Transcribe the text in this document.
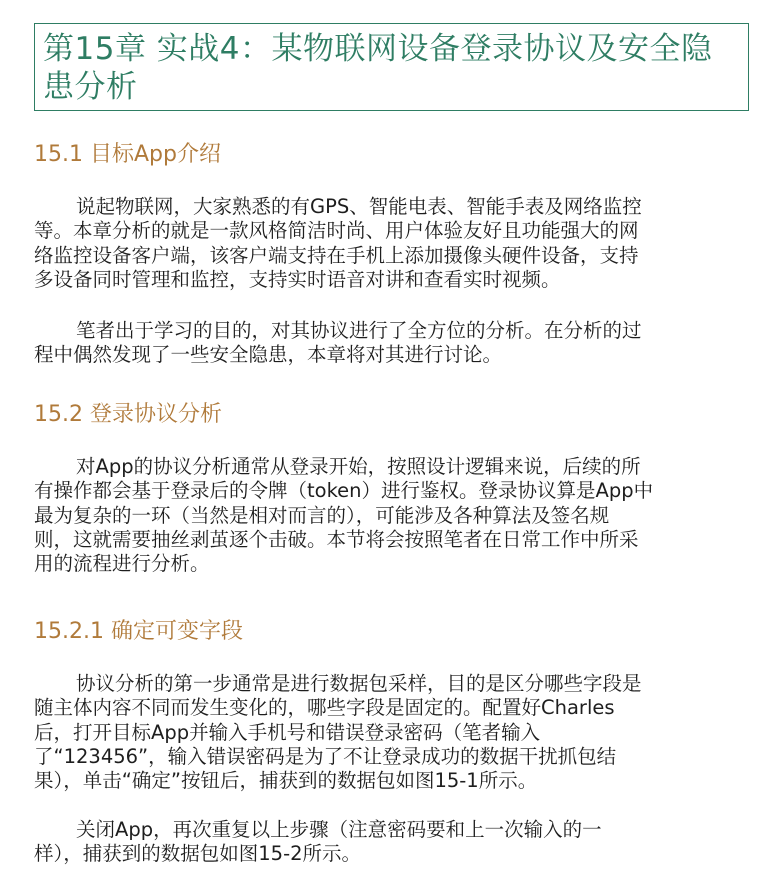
第15章 实战4：某物联网设备登录协议及安全隐
患分析
15.1 目标App介绍
说起物联网，大家熟悉的有GPS、智能电表、智能手表及网络监控
等。本章分析的就是一款风格简洁时尚、用户体验友好且功能强大的网
络监控设备客户端，该客户端支持在手机上添加摄像头硬件设备，支持
多设备同时管理和监控，支持实时语音对讲和查看实时视频。
笔者出于学习的目的，对其协议进行了全方位的分析。在分析的过
程中偶然发现了一些安全隐患，本章将对其进行讨论。
15.2 登录协议分析
对App的协议分析通常从登录开始，按照设计逻辑来说，后续的所
有操作都会基于登录后的令牌（token）进行鉴权。登录协议算是App中
最为复杂的一环（当然是相对而言的），可能涉及各种算法及签名规
则，这就需要抽丝剥茧逐个击破。本节将会按照笔者在日常工作中所采
用的流程进行分析。
15.2.1 确定可变字段
协议分析的第一步通常是进行数据包采样，目的是区分哪些字段是
随主体内容不同而发生变化的，哪些字段是固定的。配置好Charles
后，打开目标App并输入手机号和错误登录密码（笔者输入
了“123456”，输入错误密码是为了不让登录成功的数据干扰抓包结
果），单击“确定”按钮后，捕获到的数据包如图15-1所示。
关闭App，再次重复以上步骤（注意密码要和上一次输入的一
样），捕获到的数据包如图15-2所示。
